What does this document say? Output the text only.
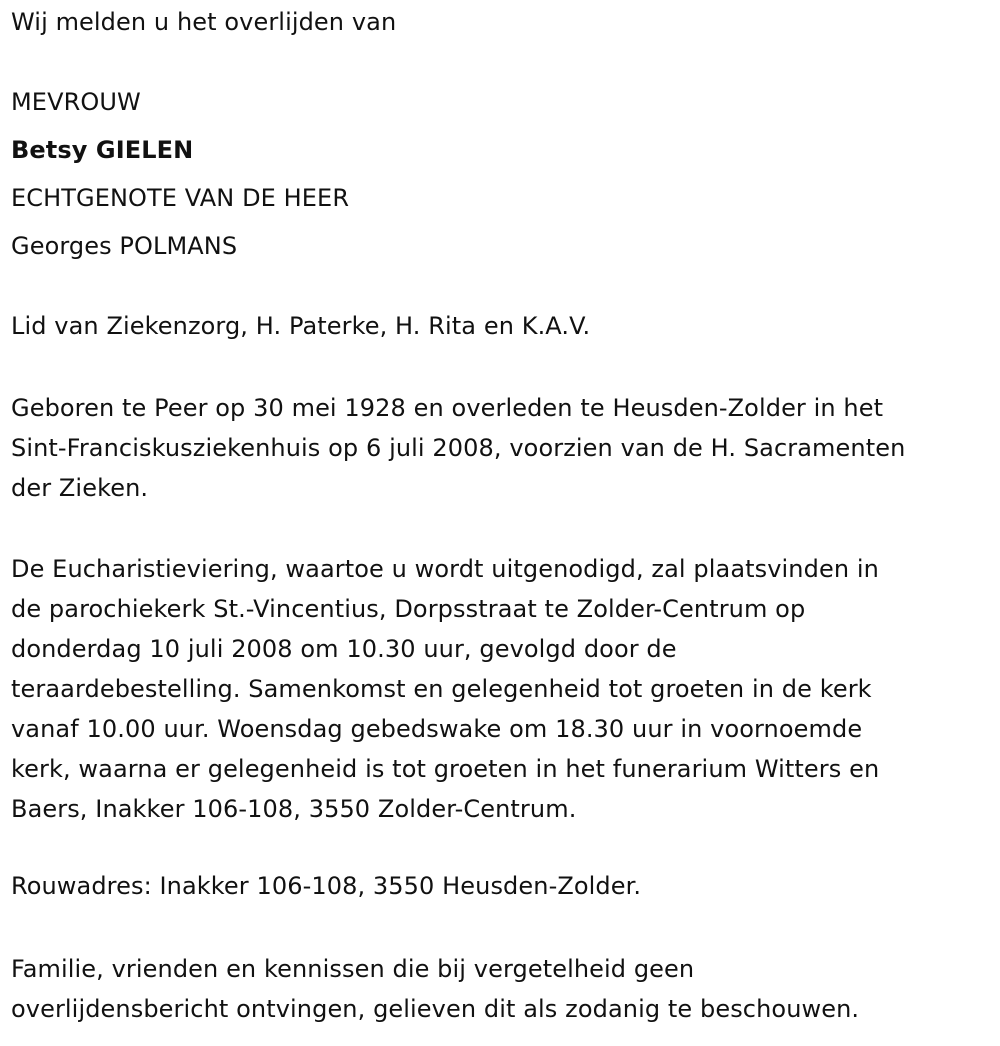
Wij melden u het overlijden van
MEVROUW
Betsy GIELEN
ECHTGENOTE VAN DE HEER
Georges POLMANS
Lid van Ziekenzorg, H. Paterke, H. Rita en K.A.V.
Geboren te Peer op 30 mei 1928 en overleden te Heusden-Zolder in het
Sint-Franciskusziekenhuis op 6 juli 2008, voorzien van de H. Sacramenten
der Zieken.
De Eucharistieviering, waartoe u wordt uitgenodigd, zal plaatsvinden in
de parochiekerk St.-Vincentius, Dorpsstraat te Zolder-Centrum op
donderdag 10 juli 2008 om 10.30 uur, gevolgd door de
teraardebestelling. Samenkomst en gelegenheid tot groeten in de kerk
vanaf 10.00 uur. Woensdag gebedswake om 18.30 uur in voornoemde
kerk, waarna er gelegenheid is tot groeten in het funerarium Witters en
Baers, Inakker 106-108, 3550 Zolder-Centrum.
Rouwadres: Inakker 106-108, 3550 Heusden-Zolder.
Familie, vrienden en kennissen die bij vergetelheid geen
overlijdensbericht ontvingen, gelieven dit als zodanig te beschouwen.
